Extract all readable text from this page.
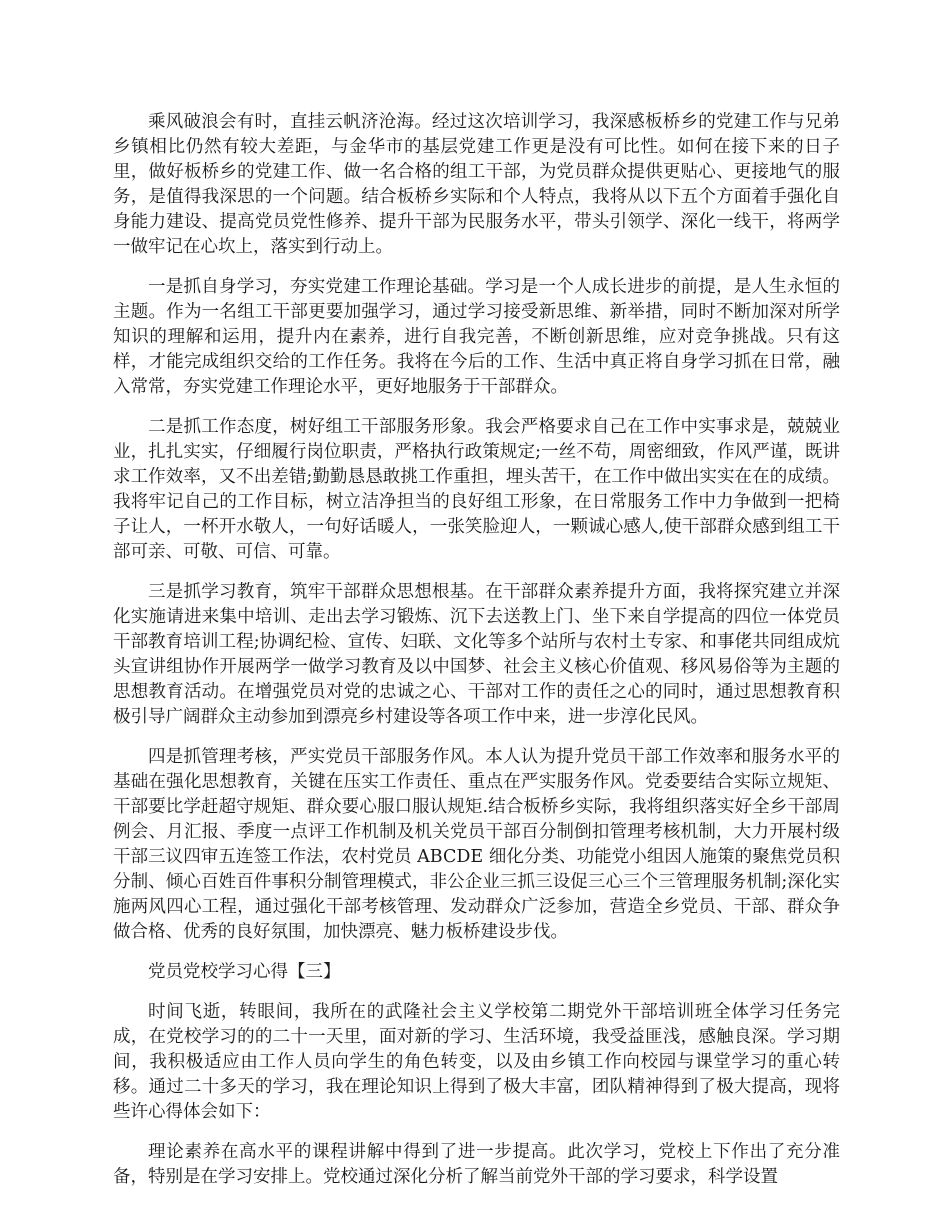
乘风破浪会有时，直挂云帆济沧海。经过这次培训学习，我深感板桥乡的党建工作与兄弟乡镇相比仍然有较大差距，与金华市的基层党建工作更是没有可比性。如何在接下来的日子里，做好板桥乡的党建工作、做一名合格的组工干部，为党员群众提供更贴心、更接地气的服务，是值得我深思的一个问题。结合板桥乡实际和个人特点，我将从以下五个方面着手强化自身能力建设、提高党员党性修养、提升干部为民服务水平，带头引领学、深化一线干，将两学一做牢记在心坎上，落实到行动上。

一是抓自身学习，夯实党建工作理论基础。学习是一个人成长进步的前提，是人生永恒的主题。作为一名组工干部更要加强学习，通过学习接受新思维、新举措，同时不断加深对所学知识的理解和运用，提升内在素养，进行自我完善，不断创新思维，应对竞争挑战。只有这样，才能完成组织交给的工作任务。我将在今后的工作、生活中真正将自身学习抓在日常，融入常常，夯实党建工作理论水平，更好地服务于干部群众。

二是抓工作态度，树好组工干部服务形象。我会严格要求自己在工作中实事求是，兢兢业业，扎扎实实，仔细履行岗位职责，严格执行政策规定;一丝不苟，周密细致，作风严谨，既讲求工作效率，又不出差错;勤勤恳恳敢挑工作重担，埋头苦干，在工作中做出实实在在的成绩。我将牢记自己的工作目标，树立洁净担当的良好组工形象，在日常服务工作中力争做到一把椅子让人，一杯开水敬人，一句好话暖人，一张笑脸迎人，一颗诚心感人,使干部群众感到组工干部可亲、可敬、可信、可靠。

三是抓学习教育，筑牢干部群众思想根基。在干部群众素养提升方面，我将探究建立并深化实施请进来集中培训、走出去学习锻炼、沉下去送教上门、坐下来自学提高的四位一体党员干部教育培训工程;协调纪检、宣传、妇联、文化等多个站所与农村土专家、和事佬共同组成炕头宣讲组协作开展两学一做学习教育及以中国梦、社会主义核心价值观、移风易俗等为主题的思想教育活动。在增强党员对党的忠诚之心、干部对工作的责任之心的同时，通过思想教育积极引导广阔群众主动参加到漂亮乡村建设等各项工作中来，进一步淳化民风。

四是抓管理考核，严实党员干部服务作风。本人认为提升党员干部工作效率和服务水平的基础在强化思想教育，关键在压实工作责任、重点在严实服务作风。党委要结合实际立规矩、干部要比学赶超守规矩、群众要心服口服认规矩.结合板桥乡实际，我将组织落实好全乡干部周例会、月汇报、季度一点评工作机制及机关党员干部百分制倒扣管理考核机制，大力开展村级干部三议四审五连签工作法，农村党员 ABCDE 细化分类、功能党小组因人施策的聚焦党员积分制、倾心百姓百件事积分制管理模式，非公企业三抓三设促三心三个三管理服务机制;深化实施两风四心工程，通过强化干部考核管理、发动群众广泛参加，营造全乡党员、干部、群众争做合格、优秀的良好氛围，加快漂亮、魅力板桥建设步伐。

党员党校学习心得【三】

时间飞逝，转眼间，我所在的武隆社会主义学校第二期党外干部培训班全体学习任务完成，在党校学习的的二十一天里，面对新的学习、生活环境，我受益匪浅，感触良深。学习期间，我积极适应由工作人员向学生的角色转变，以及由乡镇工作向校园与课堂学习的重心转移。通过二十多天的学习，我在理论知识上得到了极大丰富，团队精神得到了极大提高，现将些许心得体会如下：

理论素养在高水平的课程讲解中得到了进一步提高。此次学习，党校上下作出了充分准备，特别是在学习安排上。党校通过深化分析了解当前党外干部的学习要求，科学设置
